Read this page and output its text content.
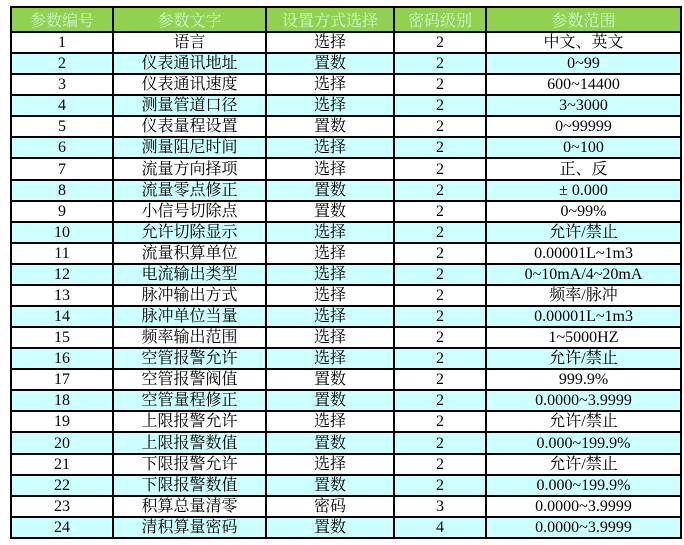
参数编号	参数文字	设置方式选择	密码级别	参数范围
1	语言	选择	2	中文、英文
2	仪表通讯地址	置数	2	0~99
3	仪表通讯速度	选择	2	600~14400
4	测量管道口径	选择	2	3~3000
5	仪表量程设置	置数	2	0~99999
6	测量阻尼时间	选择	2	0~100
7	流量方向择项	选择	2	正、反
8	流量零点修正	置数	2	± 0.000
9	小信号切除点	置数	2	0~99%
10	允许切除显示	选择	2	允许/禁止
11	流量积算单位	选择	2	0.00001L~1m3
12	电流输出类型	选择	2	0~10mA/4~20mA
13	脉冲输出方式	选择	2	频率/脉冲
14	脉冲单位当量	选择	2	0.00001L~1m3
15	频率输出范围	选择	2	1~5000HZ
16	空管报警允许	选择	2	允许/禁止
17	空管报警阀值	置数	2	999.9%
18	空管量程修正	置数	2	0.0000~3.9999
19	上限报警允许	选择	2	允许/禁止
20	上限报警数值	置数	2	0.000~199.9%
21	下限报警允许	选择	2	允许/禁止
22	下限报警数值	置数	2	0.000~199.9%
23	积算总量清零	密码	3	0.0000~3.9999
24	清积算量密码	置数	4	0.0000~3.9999
